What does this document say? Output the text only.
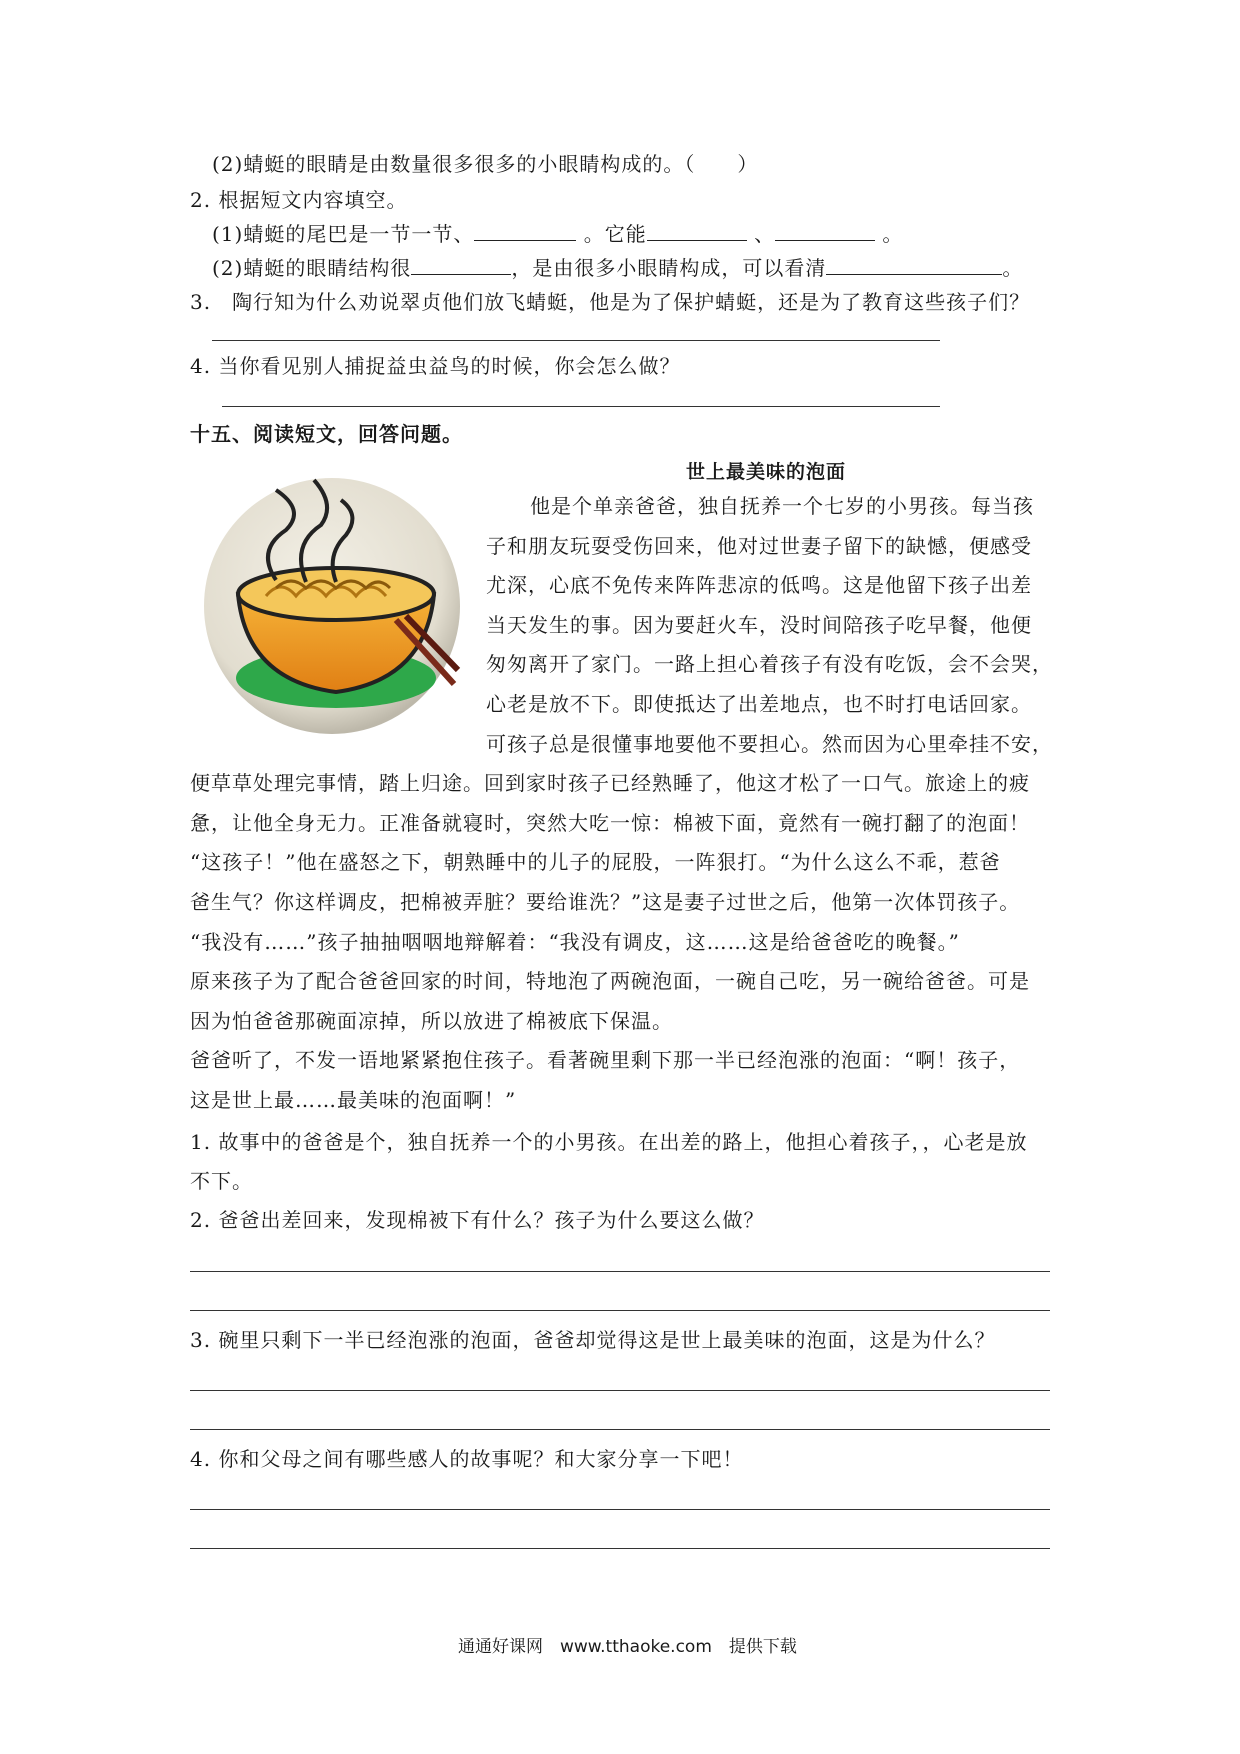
(2)蜻蜓的眼睛是由数量很多很多的小眼睛构成的。（　　）
2. 根据短文内容填空。
(1)蜻蜓的尾巴是一节一节、	。它能	、	。
(2)蜻蜓的眼睛结构很	，是由很多小眼睛构成，可以看清	。
3.　陶行知为什么劝说翠贞他们放飞蜻蜓，他是为了保护蜻蜓，还是为了教育这些孩子们？
4. 当你看见别人捕捉益虫益鸟的时候，你会怎么做？
十五、阅读短文，回答问题。
世上最美味的泡面
他是个单亲爸爸，独自抚养一个七岁的小男孩。每当孩
子和朋友玩耍受伤回来，他对过世妻子留下的缺憾，便感受
尤深，心底不免传来阵阵悲凉的低鸣。这是他留下孩子出差
当天发生的事。因为要赶火车，没时间陪孩子吃早餐，他便
匆匆离开了家门。一路上担心着孩子有没有吃饭，会不会哭，
心老是放不下。即使抵达了出差地点，也不时打电话回家。
可孩子总是很懂事地要他不要担心。然而因为心里牵挂不安，
便草草处理完事情，踏上归途。回到家时孩子已经熟睡了，他这才松了一口气。旅途上的疲
惫，让他全身无力。正准备就寝时，突然大吃一惊：棉被下面，竟然有一碗打翻了的泡面！
“这孩子！”他在盛怒之下，朝熟睡中的儿子的屁股，一阵狠打。“为什么这么不乖，惹爸
爸生气？你这样调皮，把棉被弄脏？要给谁洗？”这是妻子过世之后，他第一次体罚孩子。
“我没有……”孩子抽抽咽咽地辩解着：“我没有调皮，这……这是给爸爸吃的晚餐。”
原来孩子为了配合爸爸回家的时间，特地泡了两碗泡面，一碗自己吃，另一碗给爸爸。可是
因为怕爸爸那碗面凉掉，所以放进了棉被底下保温。
爸爸听了，不发一语地紧紧抱住孩子。看著碗里剩下那一半已经泡涨的泡面：“啊！孩子，
这是世上最……最美味的泡面啊！”
1. 故事中的爸爸是个，独自抚养一个的小男孩。在出差的路上，他担心着孩子，，心老是放
不下。
2. 爸爸出差回来，发现棉被下有什么？孩子为什么要这么做？
3. 碗里只剩下一半已经泡涨的泡面，爸爸却觉得这是世上最美味的泡面，这是为什么？
4. 你和父母之间有哪些感人的故事呢？和大家分享一下吧！
通通好课网　www.tthaoke.com　提供下载
